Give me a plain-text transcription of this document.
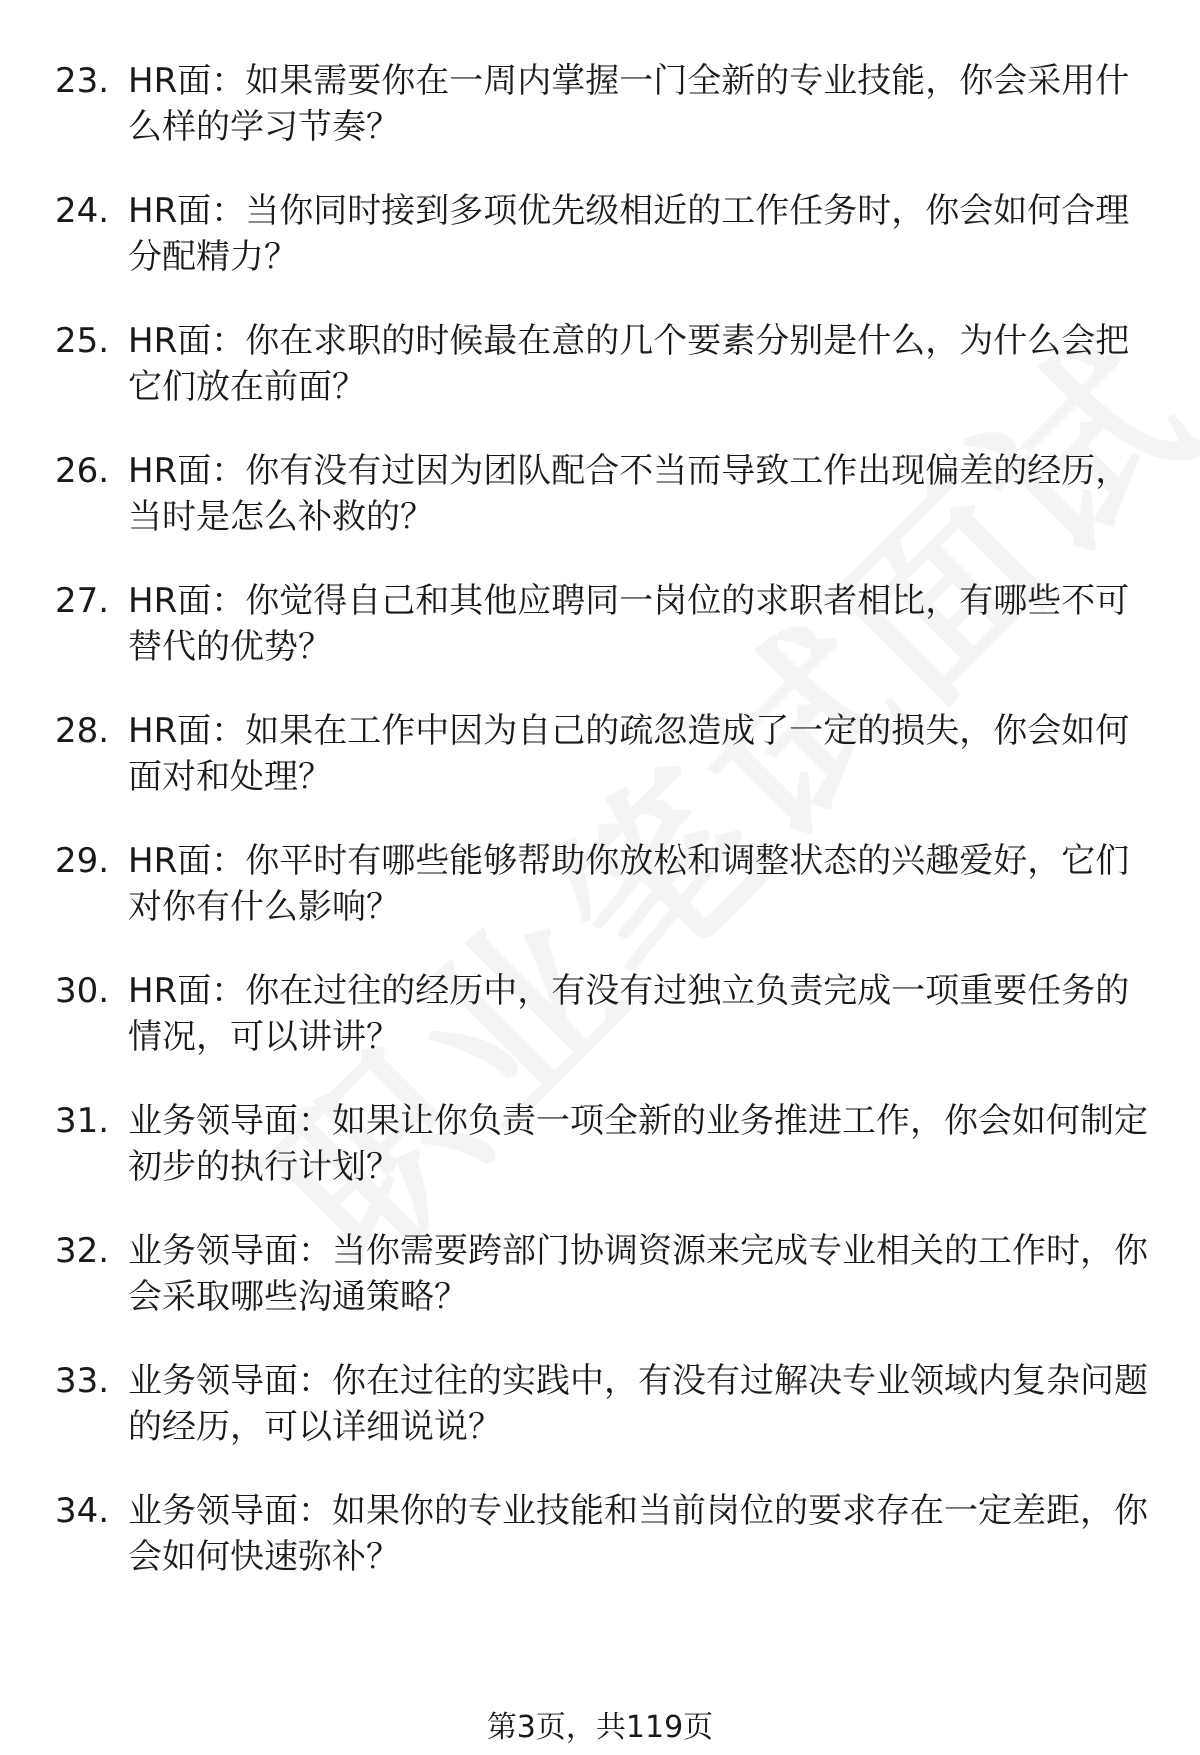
23. HR面：如果需要你在一周内掌握一门全新的专业技能，你会采用什么样的学习节奏？
24. HR面：当你同时接到多项优先级相近的工作任务时，你会如何合理分配精力？
25. HR面：你在求职的时候最在意的几个要素分别是什么，为什么会把它们放在前面？
26. HR面：你有没有过因为团队配合不当而导致工作出现偏差的经历，当时是怎么补救的？
27. HR面：你觉得自己和其他应聘同一岗位的求职者相比，有哪些不可替代的优势？
28. HR面：如果在工作中因为自己的疏忽造成了一定的损失，你会如何面对和处理？
29. HR面：你平时有哪些能够帮助你放松和调整状态的兴趣爱好，它们对你有什么影响？
30. HR面：你在过往的经历中，有没有过独立负责完成一项重要任务的情况，可以讲讲？
31. 业务领导面：如果让你负责一项全新的业务推进工作，你会如何制定初步的执行计划？
32. 业务领导面：当你需要跨部门协调资源来完成专业相关的工作时，你会采取哪些沟通策略？
33. 业务领导面：你在过往的实践中，有没有过解决专业领域内复杂问题的经历，可以详细说说？
34. 业务领导面：如果你的专业技能和当前岗位的要求存在一定差距，你会如何快速弥补？
第3页，共119页
